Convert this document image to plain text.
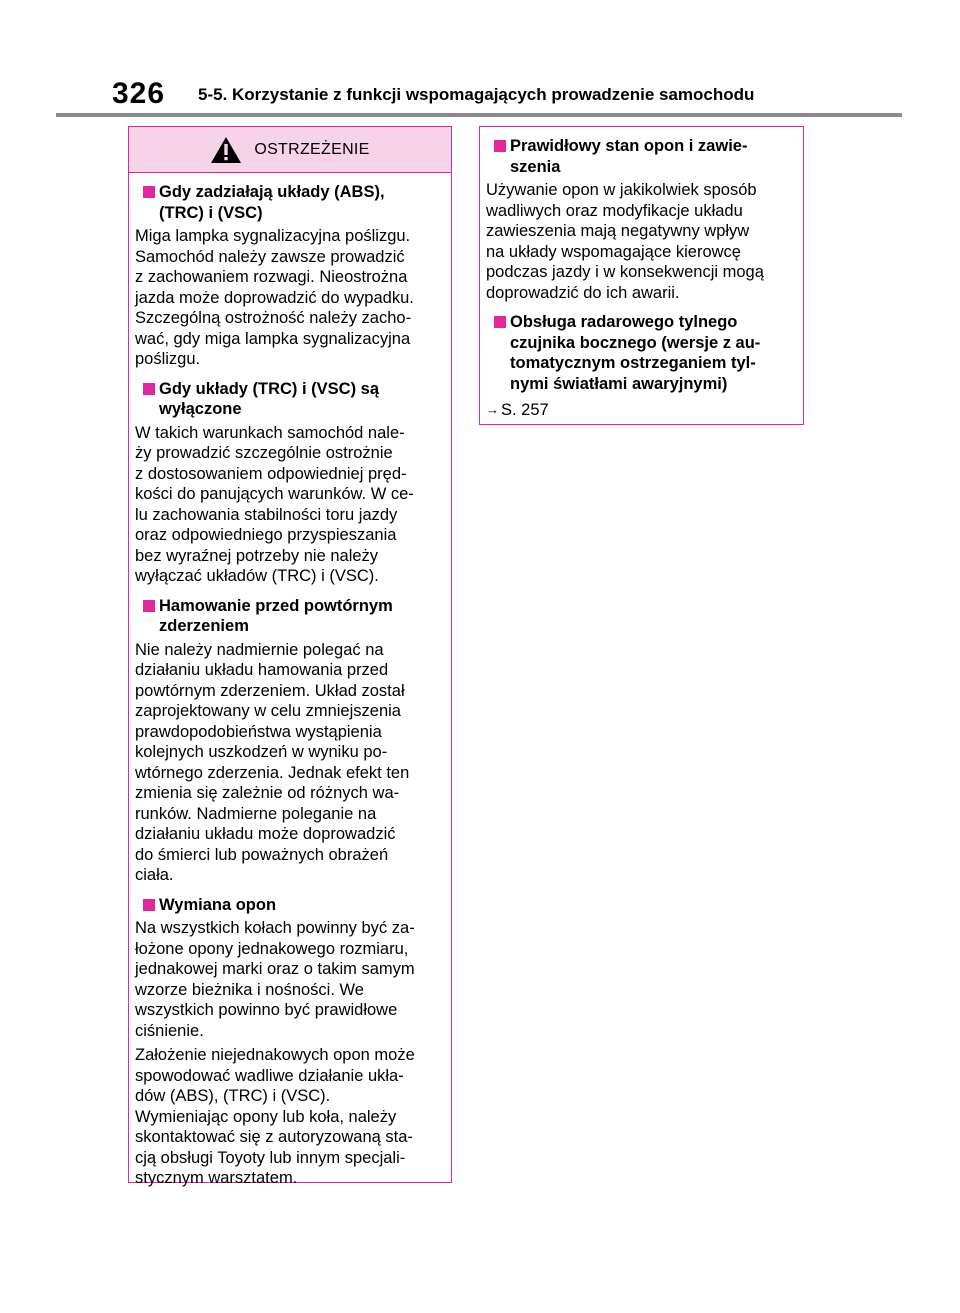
326 5-5. Korzystanie z funkcji wspomagających prowadzenie samochodu
OSTRZEŻENIE
Gdy zadziałają układy (ABS),
(TRC) i (VSC)
Miga lampka sygnalizacyjna poślizgu.
Samochód należy zawsze prowadzić
z zachowaniem rozwagi. Nieostrożna
jazda może doprowadzić do wypadku.
Szczególną ostrożność należy zacho-
wać, gdy miga lampka sygnalizacyjna
poślizgu.
Gdy układy (TRC) i (VSC) są
wyłączone
W takich warunkach samochód nale-
ży prowadzić szczególnie ostrożnie
z dostosowaniem odpowiedniej pręd-
kości do panujących warunków. W ce-
lu zachowania stabilności toru jazdy
oraz odpowiedniego przyspieszania
bez wyraźnej potrzeby nie należy
wyłączać układów (TRC) i (VSC).
Hamowanie przed powtórnym
zderzeniem
Nie należy nadmiernie polegać na
działaniu układu hamowania przed
powtórnym zderzeniem. Układ został
zaprojektowany w celu zmniejszenia
prawdopodobieństwa wystąpienia
kolejnych uszkodzeń w wyniku po-
wtórnego zderzenia. Jednak efekt ten
zmienia się zależnie od różnych wa-
runków. Nadmierne poleganie na
działaniu układu może doprowadzić
do śmierci lub poważnych obrażeń
ciała.
Wymiana opon
Na wszystkich kołach powinny być za-
łożone opony jednakowego rozmiaru,
jednakowej marki oraz o takim samym
wzorze bieżnika i nośności. We
wszystkich powinno być prawidłowe
ciśnienie.
Założenie niejednakowych opon może
spowodować wadliwe działanie ukła-
dów (ABS), (TRC) i (VSC).
Wymieniając opony lub koła, należy
skontaktować się z autoryzowaną sta-
cją obsługi Toyoty lub innym specjali-
stycznym warsztatem.
Prawidłowy stan opon i zawie-
szenia
Używanie opon w jakikolwiek sposób
wadliwych oraz modyfikacje układu
zawieszenia mają negatywny wpływ
na układy wspomagające kierowcę
podczas jazdy i w konsekwencji mogą
doprowadzić do ich awarii.
Obsługa radarowego tylnego
czujnika bocznego (wersje z au-
tomatycznym ostrzeganiem tyl-
nymi światłami awaryjnymi)
→ S. 257
